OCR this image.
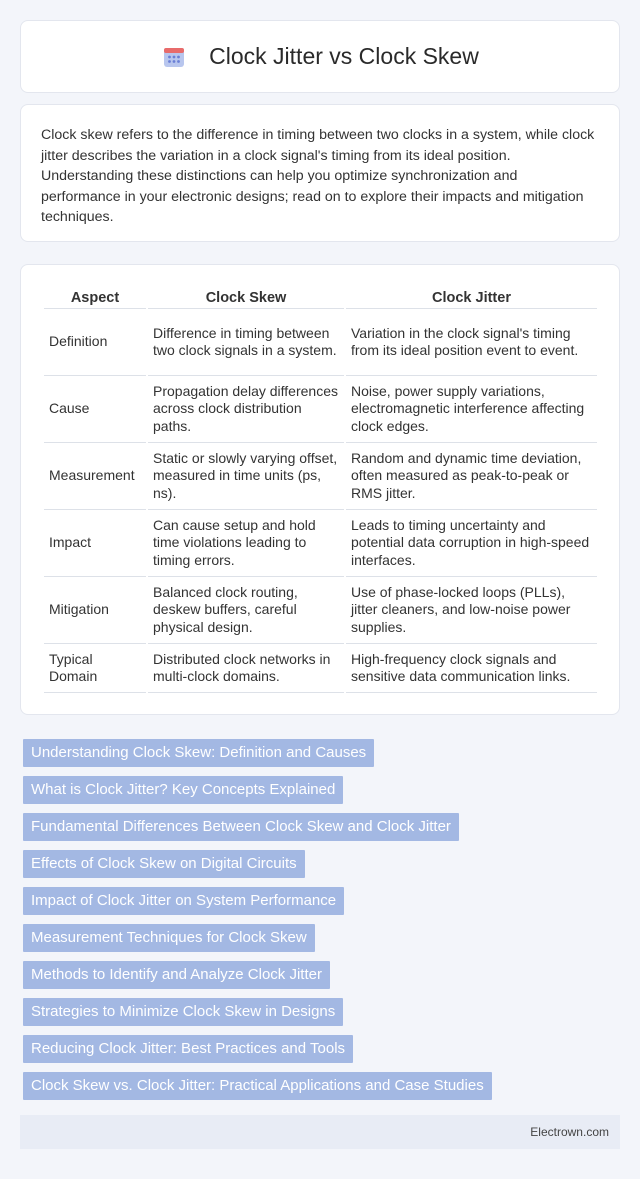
Clock Jitter vs Clock Skew

Clock skew refers to the difference in timing between two clocks in a system, while clock jitter describes the variation in a clock signal's timing from its ideal position. Understanding these distinctions can help you optimize synchronization and performance in your electronic designs; read on to explore their impacts and mitigation techniques.

Aspect	Clock Skew	Clock Jitter
Definition	Difference in timing between two clock signals in a system.	Variation in the clock signal's timing from its ideal position event to event.
Cause	Propagation delay differences across clock distribution paths.	Noise, power supply variations, electromagnetic interference affecting clock edges.
Measurement	Static or slowly varying offset, measured in time units (ps, ns).	Random and dynamic time deviation, often measured as peak-to-peak or RMS jitter.
Impact	Can cause setup and hold time violations leading to timing errors.	Leads to timing uncertainty and potential data corruption in high-speed interfaces.
Mitigation	Balanced clock routing, deskew buffers, careful physical design.	Use of phase-locked loops (PLLs), jitter cleaners, and low-noise power supplies.
Typical Domain	Distributed clock networks in multi-clock domains.	High-frequency clock signals and sensitive data communication links.
Understanding Clock Skew: Definition and Causes
What is Clock Jitter? Key Concepts Explained
Fundamental Differences Between Clock Skew and Clock Jitter
Effects of Clock Skew on Digital Circuits
Impact of Clock Jitter on System Performance
Measurement Techniques for Clock Skew
Methods to Identify and Analyze Clock Jitter
Strategies to Minimize Clock Skew in Designs
Reducing Clock Jitter: Best Practices and Tools
Clock Skew vs. Clock Jitter: Practical Applications and Case Studies
Electrown.com
